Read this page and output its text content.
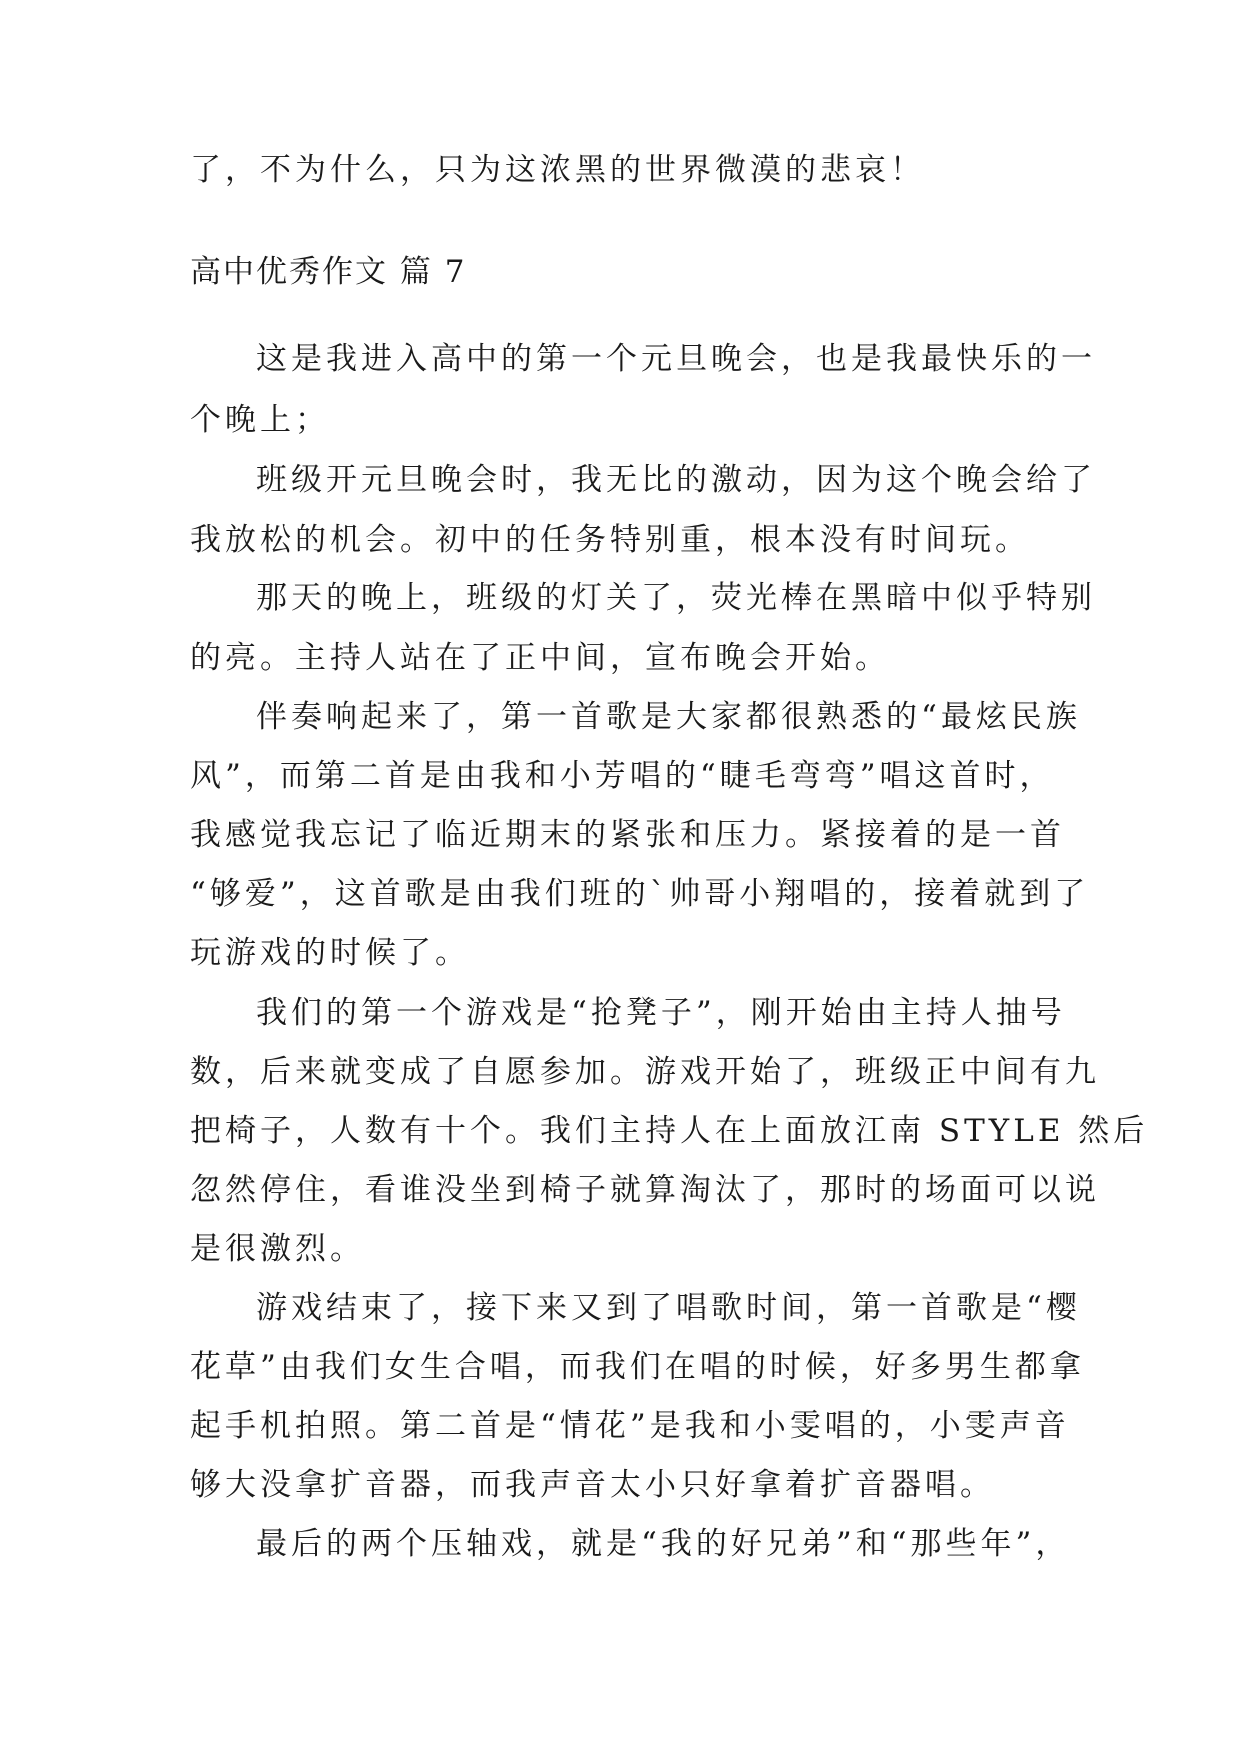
了，不为什么，只为这浓黑的世界微漠的悲哀！
高中优秀作文 篇 7
这是我进入高中的第一个元旦晚会，也是我最快乐的一
个晚上；
班级开元旦晚会时，我无比的激动，因为这个晚会给了
我放松的机会。初中的任务特别重，根本没有时间玩。
那天的晚上，班级的灯关了，荧光棒在黑暗中似乎特别
的亮。主持人站在了正中间，宣布晚会开始。
伴奏响起来了，第一首歌是大家都很熟悉的“最炫民族
风”，而第二首是由我和小芳唱的“睫毛弯弯”唱这首时，
我感觉我忘记了临近期末的紧张和压力。紧接着的是一首
“够爱”，这首歌是由我们班的`帅哥小翔唱的，接着就到了
玩游戏的时候了。
我们的第一个游戏是“抢凳子”，刚开始由主持人抽号
数，后来就变成了自愿参加。游戏开始了，班级正中间有九
把椅子，人数有十个。我们主持人在上面放江南 STYLE 然后
忽然停住，看谁没坐到椅子就算淘汰了，那时的场面可以说
是很激烈。
游戏结束了，接下来又到了唱歌时间，第一首歌是“樱
花草”由我们女生合唱，而我们在唱的时候，好多男生都拿
起手机拍照。第二首是“情花”是我和小雯唱的，小雯声音
够大没拿扩音器，而我声音太小只好拿着扩音器唱。
最后的两个压轴戏，就是“我的好兄弟”和“那些年”，
